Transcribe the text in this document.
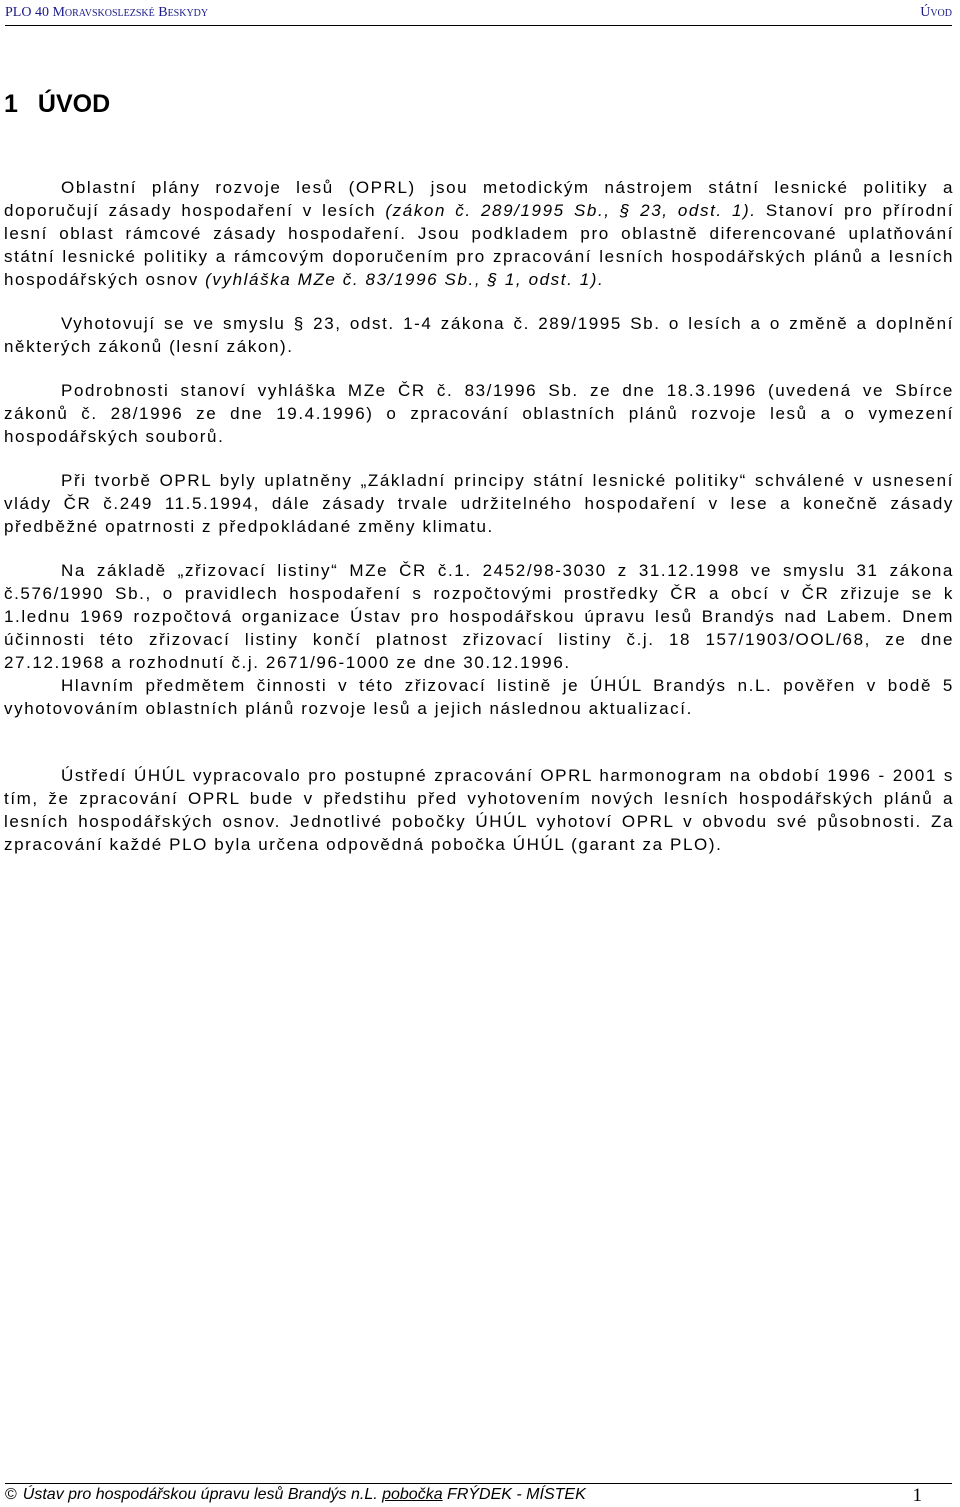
PLO 40 Moravskoslezské Beskydy	Úvod
1 ÚVOD

Oblastní plány rozvoje lesů (OPRL) jsou metodickým nástrojem státní lesnické politiky a doporučují zásady hospodaření v lesích (zákon č. 289/1995 Sb., § 23, odst. 1). Stanoví pro přírodní lesní oblast rámcové zásady hospodaření. Jsou podkladem pro oblastně diferencované uplatňování státní lesnické politiky a rámcovým doporučením pro zpracování lesních hospodářských plánů a lesních hospodářských osnov (vyhláška MZe č. 83/1996 Sb., § 1, odst. 1).

Vyhotovují se ve smyslu § 23, odst. 1-4 zákona č. 289/1995 Sb. o lesích a o změně a doplnění některých zákonů (lesní zákon).

Podrobnosti stanoví vyhláška MZe ČR č. 83/1996 Sb. ze dne 18.3.1996 (uvedená ve Sbírce zákonů č. 28/1996 ze dne 19.4.1996) o zpracování oblastních plánů rozvoje lesů a o vymezení hospodářských souborů.

Při tvorbě OPRL byly uplatněny „Základní principy státní lesnické politiky“ schválené v usnesení vlády ČR č.249 11.5.1994, dále zásady trvale udržitelného hospodaření v lese a konečně zásady předběžné opatrnosti z předpokládané změny klimatu.

Na základě „zřizovací listiny“ MZe ČR č.1. 2452/98-3030 z 31.12.1998 ve smyslu 31 zákona č.576/1990 Sb., o pravidlech hospodaření s rozpočtovými prostředky ČR a obcí v ČR zřizuje se k 1.lednu 1969 rozpočtová organizace Ústav pro hospodářskou úpravu lesů Brandýs nad Labem. Dnem účinnosti této zřizovací listiny končí platnost zřizovací listiny č.j. 18 157/1903/OOL/68, ze dne 27.12.1968 a rozhodnutí č.j. 2671/96-1000 ze dne 30.12.1996.

Hlavním předmětem činnosti v této zřizovací listině je ÚHÚL Brandýs n.L. pověřen v bodě 5 vyhotovováním oblastních plánů rozvoje lesů a jejich následnou aktualizací.

Ústředí ÚHÚL vypracovalo pro postupné zpracování OPRL harmonogram na období 1996 - 2001 s tím, že zpracování OPRL bude v předstihu před vyhotovením nových lesních hospodářských plánů a lesních hospodářských osnov. Jednotlivé pobočky ÚHÚL vyhotoví OPRL v obvodu své působnosti. Za zpracování každé PLO byla určena odpovědná pobočka ÚHÚL (garant za PLO).

© Ústav pro hospodářskou úpravu lesů Brandýs n.L. pobočka FRÝDEK - MÍSTEK	1
